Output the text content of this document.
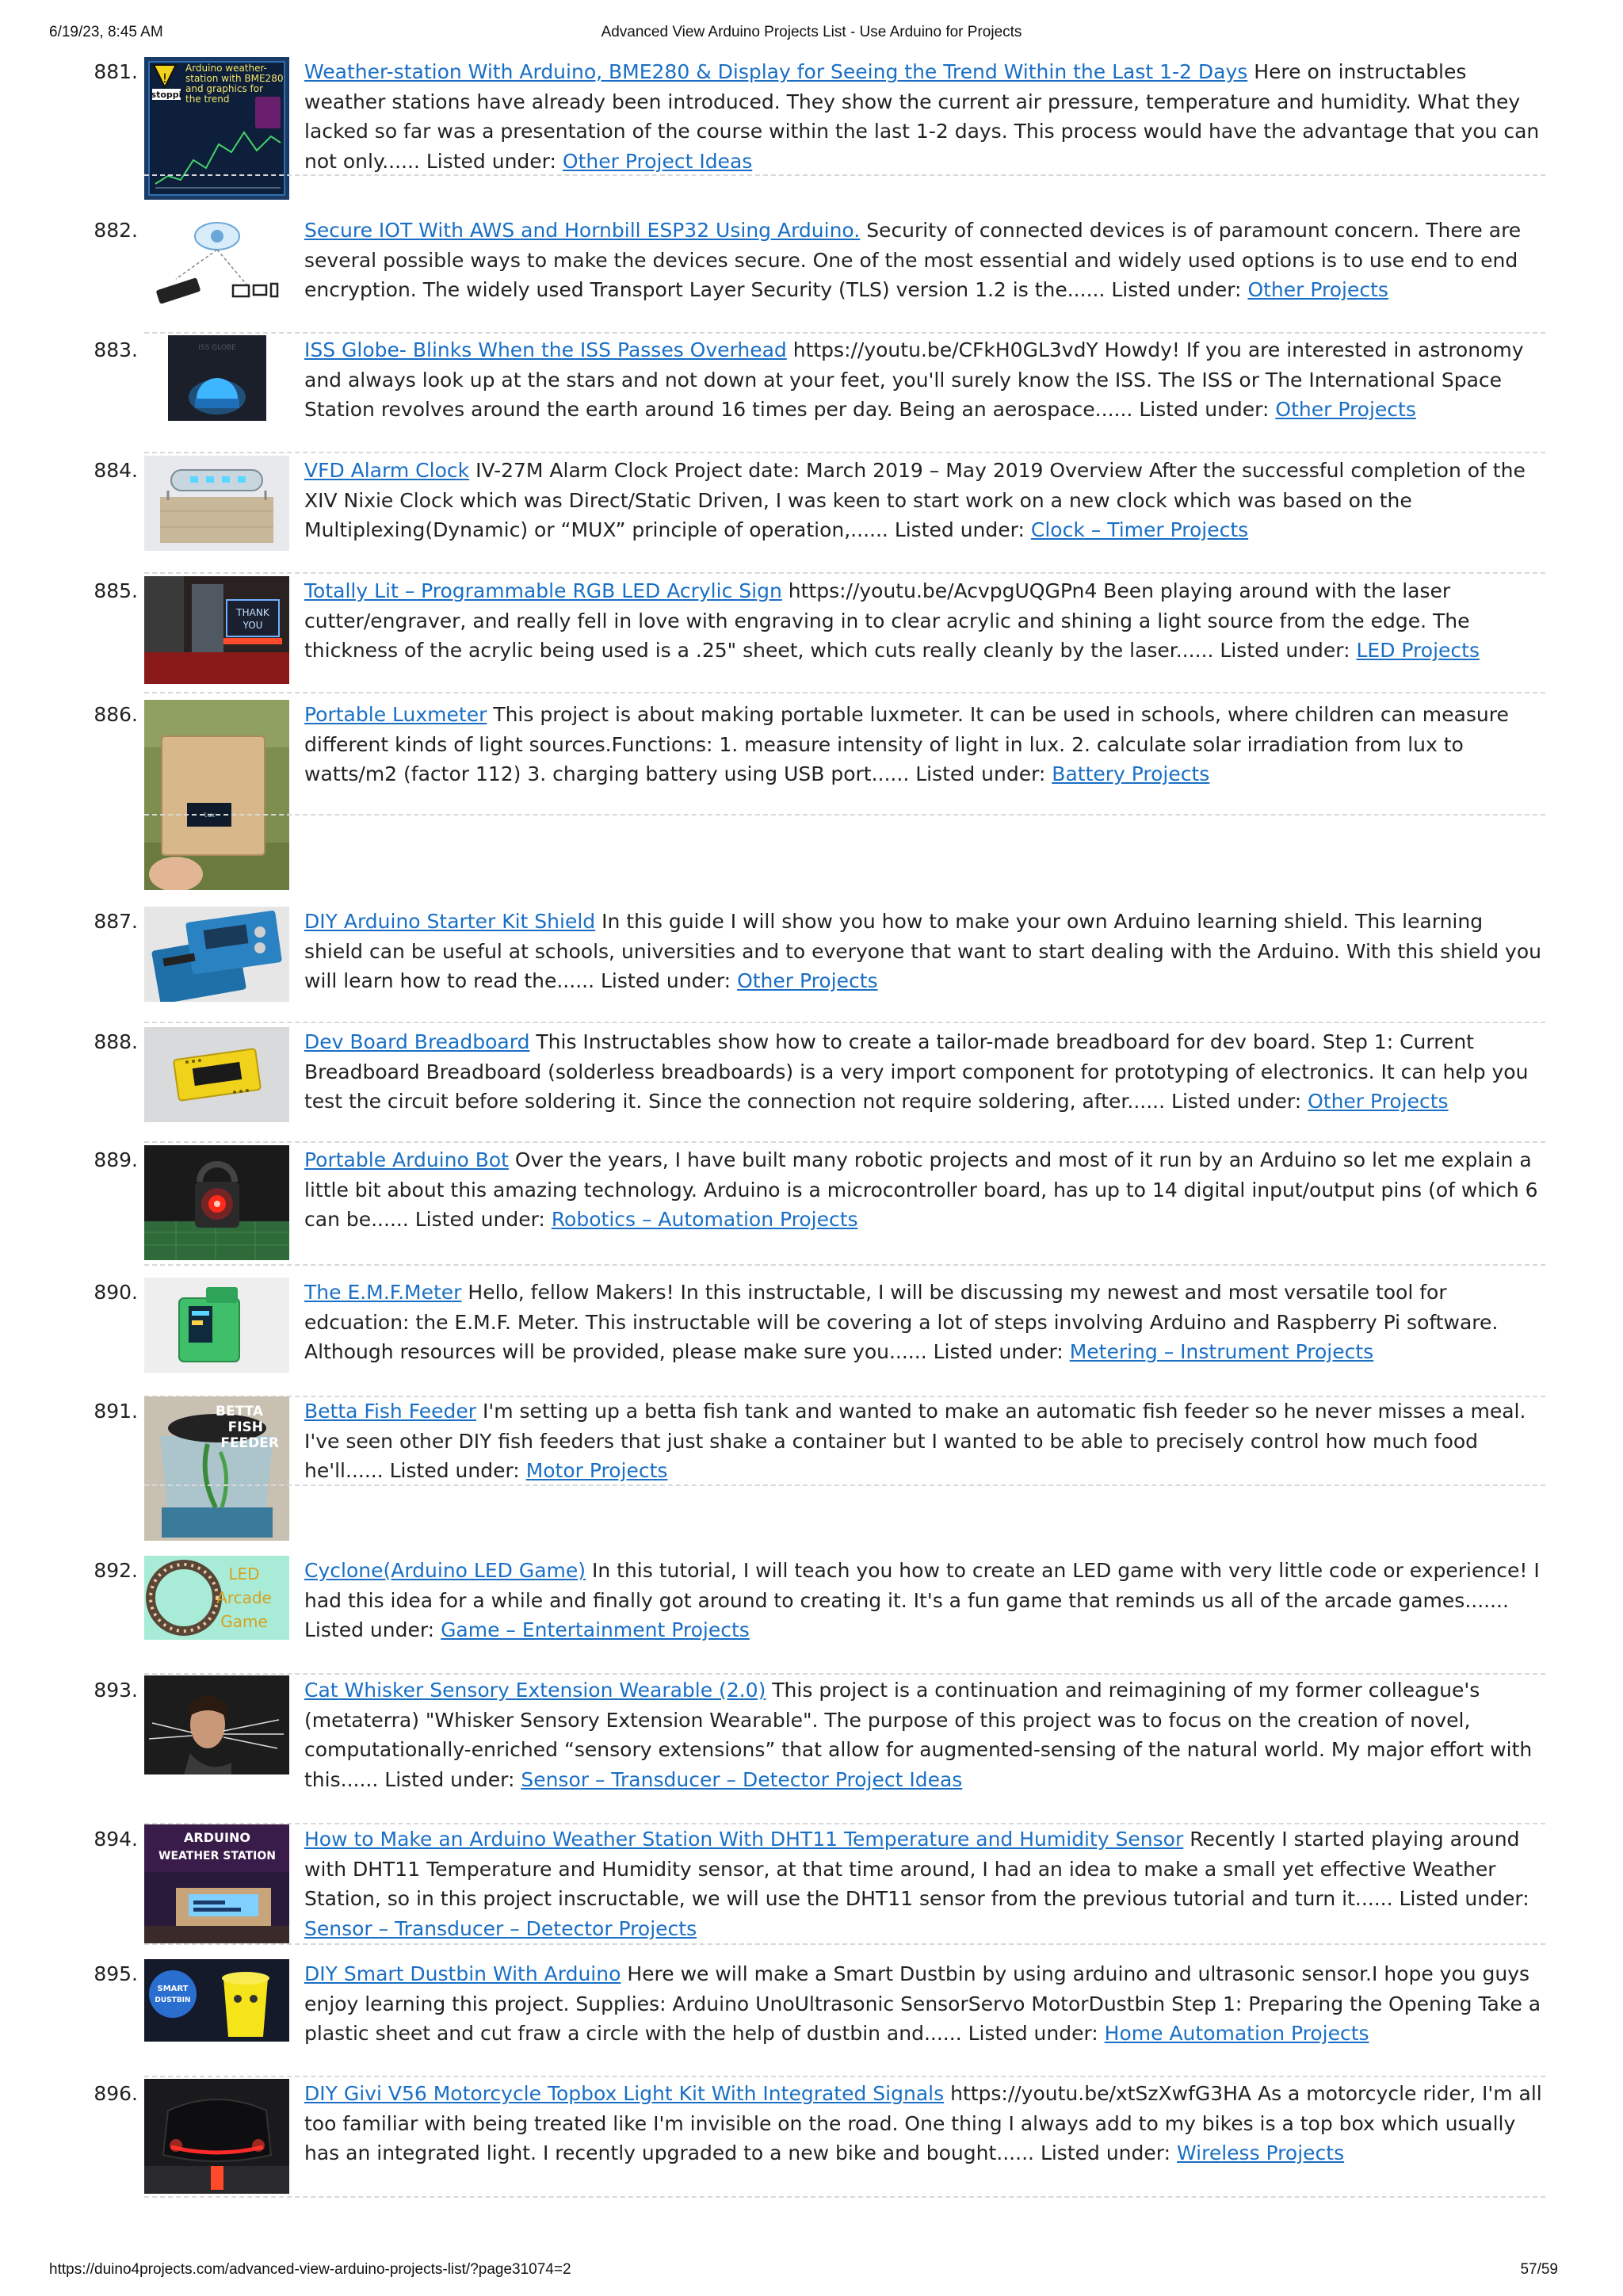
6/19/23, 8:45 AM	Advanced View Arduino Projects List - Use Arduino for Projects
881. !
stoppi
Arduino weather-
station with BME280
and graphics for
the trend
Weather-station With Arduino, BME280 & Display for Seeing the Trend Within the Last 1-2 Days Here on instructables weather stations have already been introduced. They show the current air pressure, temperature and humidity. What they lacked so far was a presentation of the course within the last 1-2 days. This process would have the advantage that you can not only...... Listed under: Other Project Ideas
882.	Secure IOT With AWS and Hornbill ESP32 Using Arduino. Security of connected devices is of paramount concern. There are several possible ways to make the devices secure. One of the most essential and widely used options is to use end to end encryption. The widely used Transport Layer Security (TLS) version 1.2 is the...... Listed under: Other Projects
883.	ISS GLOBE	ISS Globe- Blinks When the ISS Passes Overhead https://youtu.be/CFkH0GL3vdY Howdy! If you are interested in astronomy and always look up at the stars and not down at your feet, you'll surely know the ISS. The ISS or The International Space Station revolves around the earth around 16 times per day. Being an aerospace...... Listed under: Other Projects
884.	VFD Alarm Clock IV-27M Alarm Clock Project date: March 2019 – May 2019 Overview After the successful completion of the XIV Nixie Clock which was Direct/Static Driven, I was keen to start work on a new clock which was based on the Multiplexing(Dynamic) or “MUX” principle of operation,...... Listed under: Clock – Timer Projects
885.
THANK
YOU
Totally Lit – Programmable RGB LED Acrylic Sign https://youtu.be/AcvpgUQGPn4 Been playing around with the laser cutter/engraver, and really fell in love with engraving in to clear acrylic and shining a light source from the edge. The thickness of the acrylic being used is a .25" sheet, which cuts really cleanly by the laser...... Listed under: LED Projects
886.
lux
Portable Luxmeter This project is about making portable luxmeter. It can be used in schools, where children can measure different kinds of light sources.Functions: 1. measure intensity of light in lux. 2. calculate solar irradiation from lux to watts/m2 (factor 112) 3. charging battery using USB port...... Listed under: Battery Projects
887.	DIY Arduino Starter Kit Shield In this guide I will show you how to make your own Arduino learning shield. This learning shield can be useful at schools, universities and to everyone that want to start dealing with the Arduino. With this shield you will learn how to read the...... Listed under: Other Projects
888.	Dev Board Breadboard This Instructables show how to create a tailor-made breadboard for dev board. Step 1: Current Breadboard Breadboard (solderless breadboards) is a very import component for prototyping of electronics. It can help you test the circuit before soldering it. Since the connection not require soldering, after...... Listed under: Other Projects
889.	Portable Arduino Bot Over the years, I have built many robotic projects and most of it run by an Arduino so let me explain a little bit about this amazing technology. Arduino is a microcontroller board, has up to 14 digital input/output pins (of which 6 can be...... Listed under: Robotics – Automation Projects
890.	The E.M.F.Meter Hello, fellow Makers! In this instructable, I will be discussing my newest and most versatile tool for edcuation: the E.M.F. Meter. This instructable will be covering a lot of steps involving Arduino and Raspberry Pi software. Although resources will be provided, please make sure you...... Listed under: Metering – Instrument Projects
891.	BETTA
FISH
FEEDER
Betta Fish Feeder I'm setting up a betta fish tank and wanted to make an automatic fish feeder so he never misses a meal. I've seen other DIY fish feeders that just shake a container but I wanted to be able to precisely control how much food he'll...... Listed under: Motor Projects
892.	LED
Arcade
Game
Cyclone(Arduino LED Game) In this tutorial, I will teach you how to create an LED game with very little code or experience! I had this idea for a while and finally got around to creating it. It's a fun game that reminds us all of the arcade games....... Listed under: Game – Entertainment Projects
893.	Cat Whisker Sensory Extension Wearable (2.0) This project is a continuation and reimagining of my former colleague's (metaterra) "Whisker Sensory Extension Wearable". The purpose of this project was to focus on the creation of novel, computationally-enriched “sensory extensions” that allow for augmented-sensing of the natural world. My major effort with this...... Listed under: Sensor – Transducer – Detector Project Ideas
894.	ARDUINO
WEATHER STATION
How to Make an Arduino Weather Station With DHT11 Temperature and Humidity Sensor Recently I started playing around with DHT11 Temperature and Humidity sensor, at that time around, I had an idea to make a small yet effective Weather Station, so in this project inscructable, we will use the DHT11 sensor from the previous tutorial and turn it...... Listed under: Sensor – Transducer – Detector Projects
895.
SMART
DUSTBIN
DIY Smart Dustbin With Arduino Here we will make a Smart Dustbin by using arduino and ultrasonic sensor.I hope you guys enjoy learning this project. Supplies: Arduino UnoUltrasonic SensorServo MotorDustbin Step 1: Preparing the Opening Take a plastic sheet and cut fraw a circle with the help of dustbin and...... Listed under: Home Automation Projects
896.	DIY Givi V56 Motorcycle Topbox Light Kit With Integrated Signals https://youtu.be/xtSzXwfG3HA As a motorcycle rider, I'm all too familiar with being treated like I'm invisible on the road. One thing I always add to my bikes is a top box which usually has an integrated light. I recently upgraded to a new bike and bought...... Listed under: Wireless Projects
https://duino4projects.com/advanced-view-arduino-projects-list/?page31074=2	57/59
